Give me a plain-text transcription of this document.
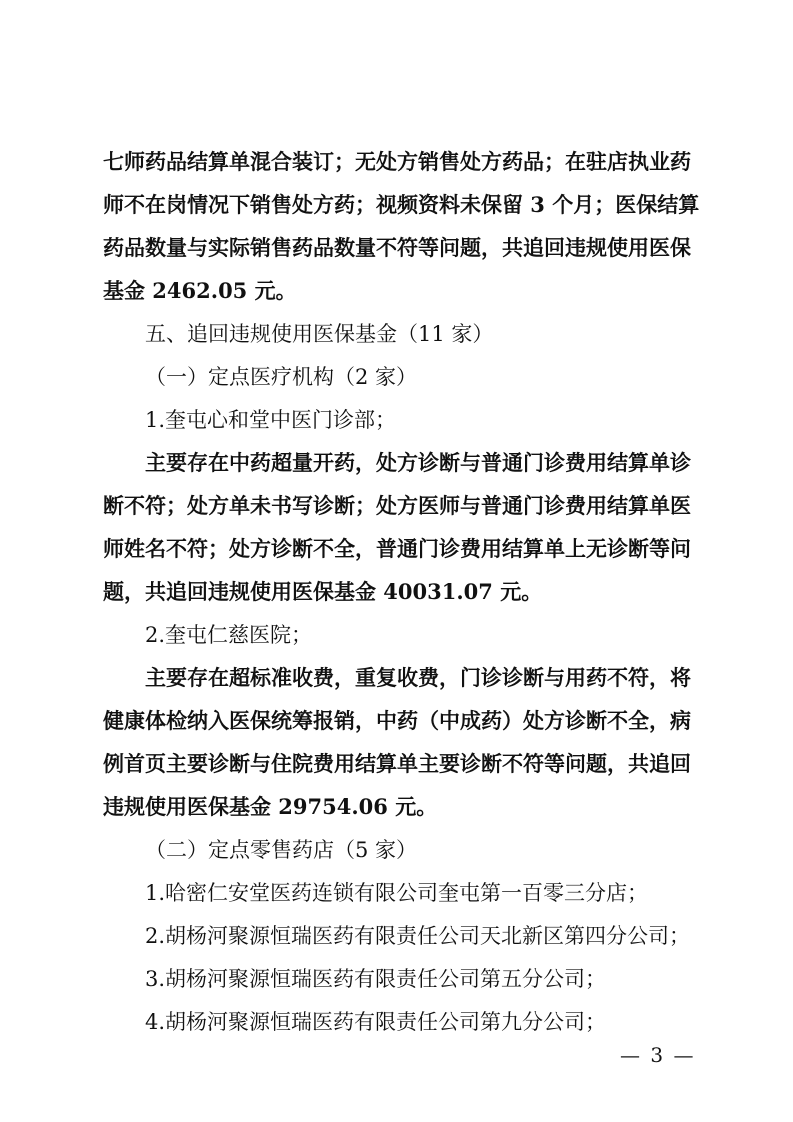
七师药品结算单混合装订；无处方销售处方药品；在驻店执业药
师不在岗情况下销售处方药；视频资料未保留 3 个月；医保结算
药品数量与实际销售药品数量不符等问题，共追回违规使用医保
基金 2462.05 元。
五、追回违规使用医保基金（11 家）
（一）定点医疗机构（2 家）
1.奎屯心和堂中医门诊部；
主要存在中药超量开药，处方诊断与普通门诊费用结算单诊
断不符；处方单未书写诊断；处方医师与普通门诊费用结算单医
师姓名不符；处方诊断不全，普通门诊费用结算单上无诊断等问
题，共追回违规使用医保基金 40031.07 元。
2.奎屯仁慈医院；
主要存在超标准收费，重复收费，门诊诊断与用药不符，将
健康体检纳入医保统筹报销，中药（中成药）处方诊断不全，病
例首页主要诊断与住院费用结算单主要诊断不符等问题，共追回
违规使用医保基金 29754.06 元。
（二）定点零售药店（5 家）
1.哈密仁安堂医药连锁有限公司奎屯第一百零三分店；
2.胡杨河聚源恒瑞医药有限责任公司天北新区第四分公司；
3.胡杨河聚源恒瑞医药有限责任公司第五分公司；
4.胡杨河聚源恒瑞医药有限责任公司第九分公司；
— 3 —
